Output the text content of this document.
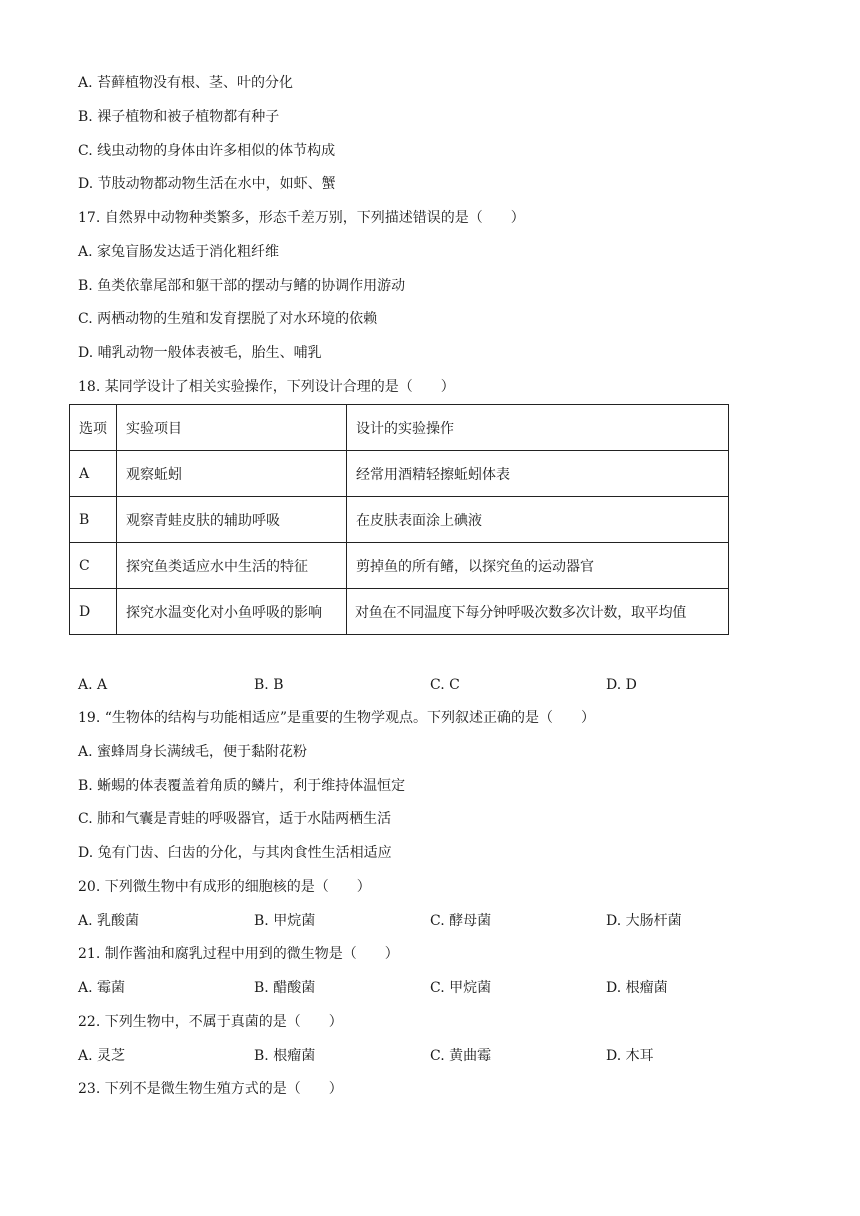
A. 苔藓植物没有根、茎、叶的分化
B. 裸子植物和被子植物都有种子
C. 线虫动物的身体由许多相似的体节构成
D. 节肢动物都动物生活在水中，如虾、蟹
17. 自然界中动物种类繁多，形态千差万别，下列描述错误的是（　　）
A. 家兔盲肠发达适于消化粗纤维
B. 鱼类依靠尾部和躯干部的摆动与鳍的协调作用游动
C. 两栖动物的生殖和发育摆脱了对水环境的依赖
D. 哺乳动物一般体表被毛，胎生、哺乳
18. 某同学设计了相关实验操作，下列设计合理的是（　　）
选项	实验项目	设计的实验操作
A	观察蚯蚓	经常用酒精轻擦蚯蚓体表
B	观察青蛙皮肤的辅助呼吸	在皮肤表面涂上碘液
C	探究鱼类适应水中生活的特征	剪掉鱼的所有鳍，以探究鱼的运动器官
D	探究水温变化对小鱼呼吸的影响	对鱼在不同温度下每分钟呼吸次数多次计数，取平均值
A. A	B. B	C. C	D. D
19. “生物体的结构与功能相适应”是重要的生物学观点。下列叙述正确的是（　　）
A. 蜜蜂周身长满绒毛，便于黏附花粉
B. 蜥蜴的体表覆盖着角质的鳞片，利于维持体温恒定
C. 肺和气囊是青蛙的呼吸器官，适于水陆两栖生活
D. 兔有门齿、臼齿的分化，与其肉食性生活相适应
20. 下列微生物中有成形的细胞核的是（　　）
A. 乳酸菌	B. 甲烷菌	C. 酵母菌	D. 大肠杆菌
21. 制作酱油和腐乳过程中用到的微生物是（　　）
A. 霉菌	B. 醋酸菌	C. 甲烷菌	D. 根瘤菌
22. 下列生物中，不属于真菌的是（　　）
A. 灵芝	B. 根瘤菌	C. 黄曲霉	D. 木耳
23. 下列不是微生物生殖方式的是（　　）
